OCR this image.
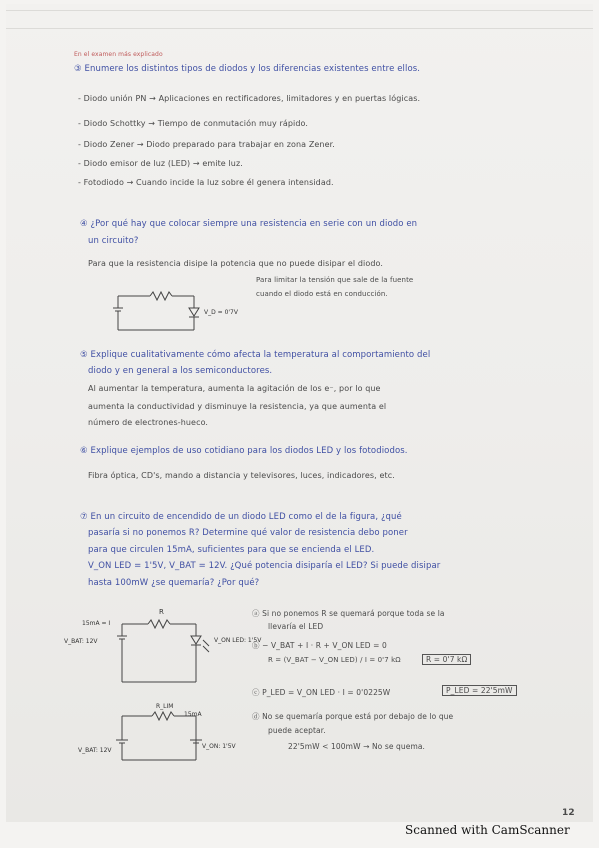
En el examen más explicado

③ Enumere los distintos tipos de diodos y los diferencias existentes entre ellos.

- Diodo unión PN → Aplicaciones en rectificadores, limitadores y en puertas lógicas.

- Diodo Schottky → Tiempo de conmutación muy rápido.

- Diodo Zener → Diodo preparado para trabajar en zona Zener.

- Diodo emisor de luz (LED) → emite luz.

- Fotodiodo → Cuando incide la luz sobre él genera intensidad.

④ ¿Por qué hay que colocar siempre una resistencia en serie con un diodo en

un circuito?

Para que la resistencia disipe la potencia que no puede disipar el diodo.

Para limitar la tensión que sale de la fuente

cuando el diodo está en conducción.

V_D = 0'7V

⑤ Explique cualitativamente cómo afecta la temperatura al comportamiento del

diodo y en general a los semiconductores.

Al aumentar la temperatura, aumenta la agitación de los e⁻, por lo que

aumenta la conductividad y disminuye la resistencia, ya que aumenta el

número de electrones-hueco.

⑥ Explique ejemplos de uso cotidiano para los diodos LED y los fotodiodos.

Fibra óptica, CD's, mando a distancia y televisores, luces, indicadores, etc.

⑦ En un circuito de encendido de un diodo LED como el de la figura, ¿qué

pasaría si no ponemos R? Determine qué valor de resistencia debo poner

para que circulen 15mA, suficientes para que se encienda el LED.

V_ON LED = 1'5V, V_BAT = 12V. ¿Qué potencia disiparía el LED? Si puede disipar

hasta 100mW ¿se quemaría? ¿Por qué?

R
15mA = I
V_BAT: 12V	V_ON LED: 1'5V
R_LIM
15mA
V_BAT: 12V
V_ON: 1'5V

ⓐ Si no ponemos R se quemará porque toda se la

llevaría el LED

ⓑ − V_BAT + I · R + V_ON LED = 0

R = (V_BAT − V_ON LED) / I = 0'7 kΩ	R = 0'7 kΩ

ⓒ P_LED = V_ON LED · I = 0'0225W	P_LED = 22'5mW

ⓓ No se quemaría porque está por debajo de lo que

puede aceptar.

22'5mW < 100mW → No se quema.

12

Scanned with CamScanner
